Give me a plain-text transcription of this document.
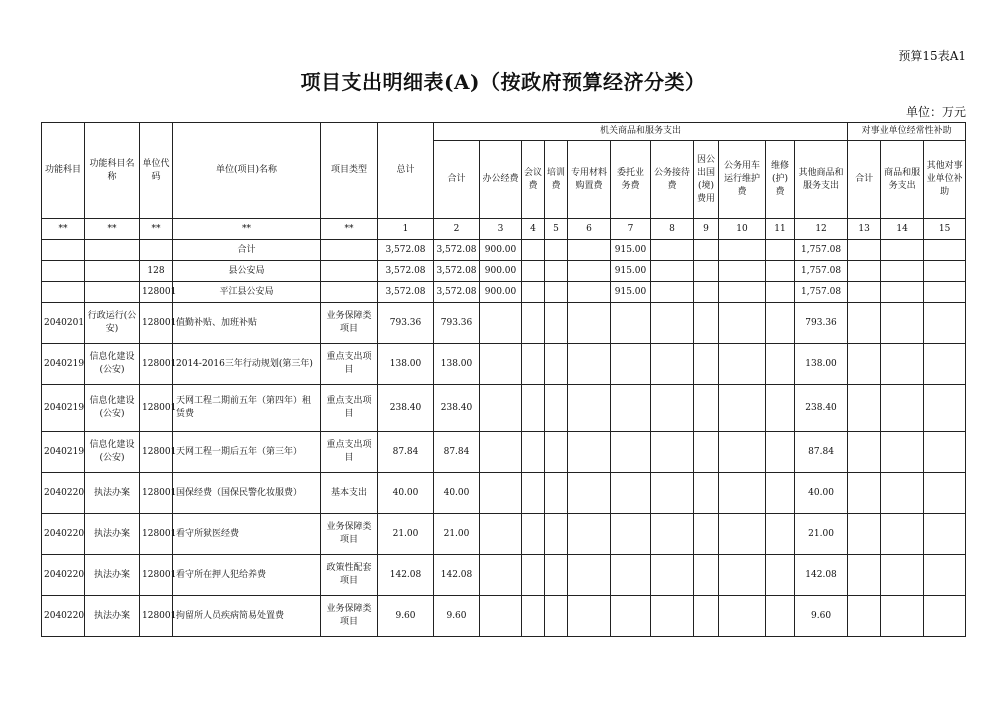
预算15表A1
项目支出明细表(A)（按政府预算经济分类）
单位：万元
功能科目	功能科目名称	单位代码	单位(项目)名称	项目类型	总计	机关商品和服务支出											对事业单位经常性补助		
						合计	办公经费	会议费	培训费	专用材料购置费	委托业务费	公务接待费	因公出国(境)费用	公务用车运行维护费	维修(护)费	其他商品和服务支出	合计	商品和服务支出	其他对事业单位补助
**	**	**	**	**	1	2	3	4	5	6	7	8	9	10	11	12	13	14	15
			合计		3,572.08	3,572.08	900.00				915.00					1,757.08			
		128	县公安局		3,572.08	3,572.08	900.00				915.00					1,757.08			
		128001	平江县公安局		3,572.08	3,572.08	900.00				915.00					1,757.08			
2040201	行政运行(公安)	128001	值勤补贴、加班补贴	业务保障类项目	793.36	793.36										793.36			
2040219	信息化建设(公安)	128001	2014-2016三年行动规划(第三年)	重点支出项目	138.00	138.00										138.00			
2040219	信息化建设(公安)	128001	天网工程二期前五年（第四年）租赁费	重点支出项目	238.40	238.40										238.40			
2040219	信息化建设(公安)	128001	天网工程一期后五年（第三年）	重点支出项目	87.84	87.84										87.84			
2040220	执法办案	128001	国保经费（国保民警化妆服费）	基本支出	40.00	40.00										40.00			
2040220	执法办案	128001	看守所狱医经费	业务保障类项目	21.00	21.00										21.00			
2040220	执法办案	128001	看守所在押人犯给养费	政策性配套项目	142.08	142.08										142.08			
2040220	执法办案	128001	拘留所人员疾病简易处置费	业务保障类项目	9.60	9.60										9.60			
